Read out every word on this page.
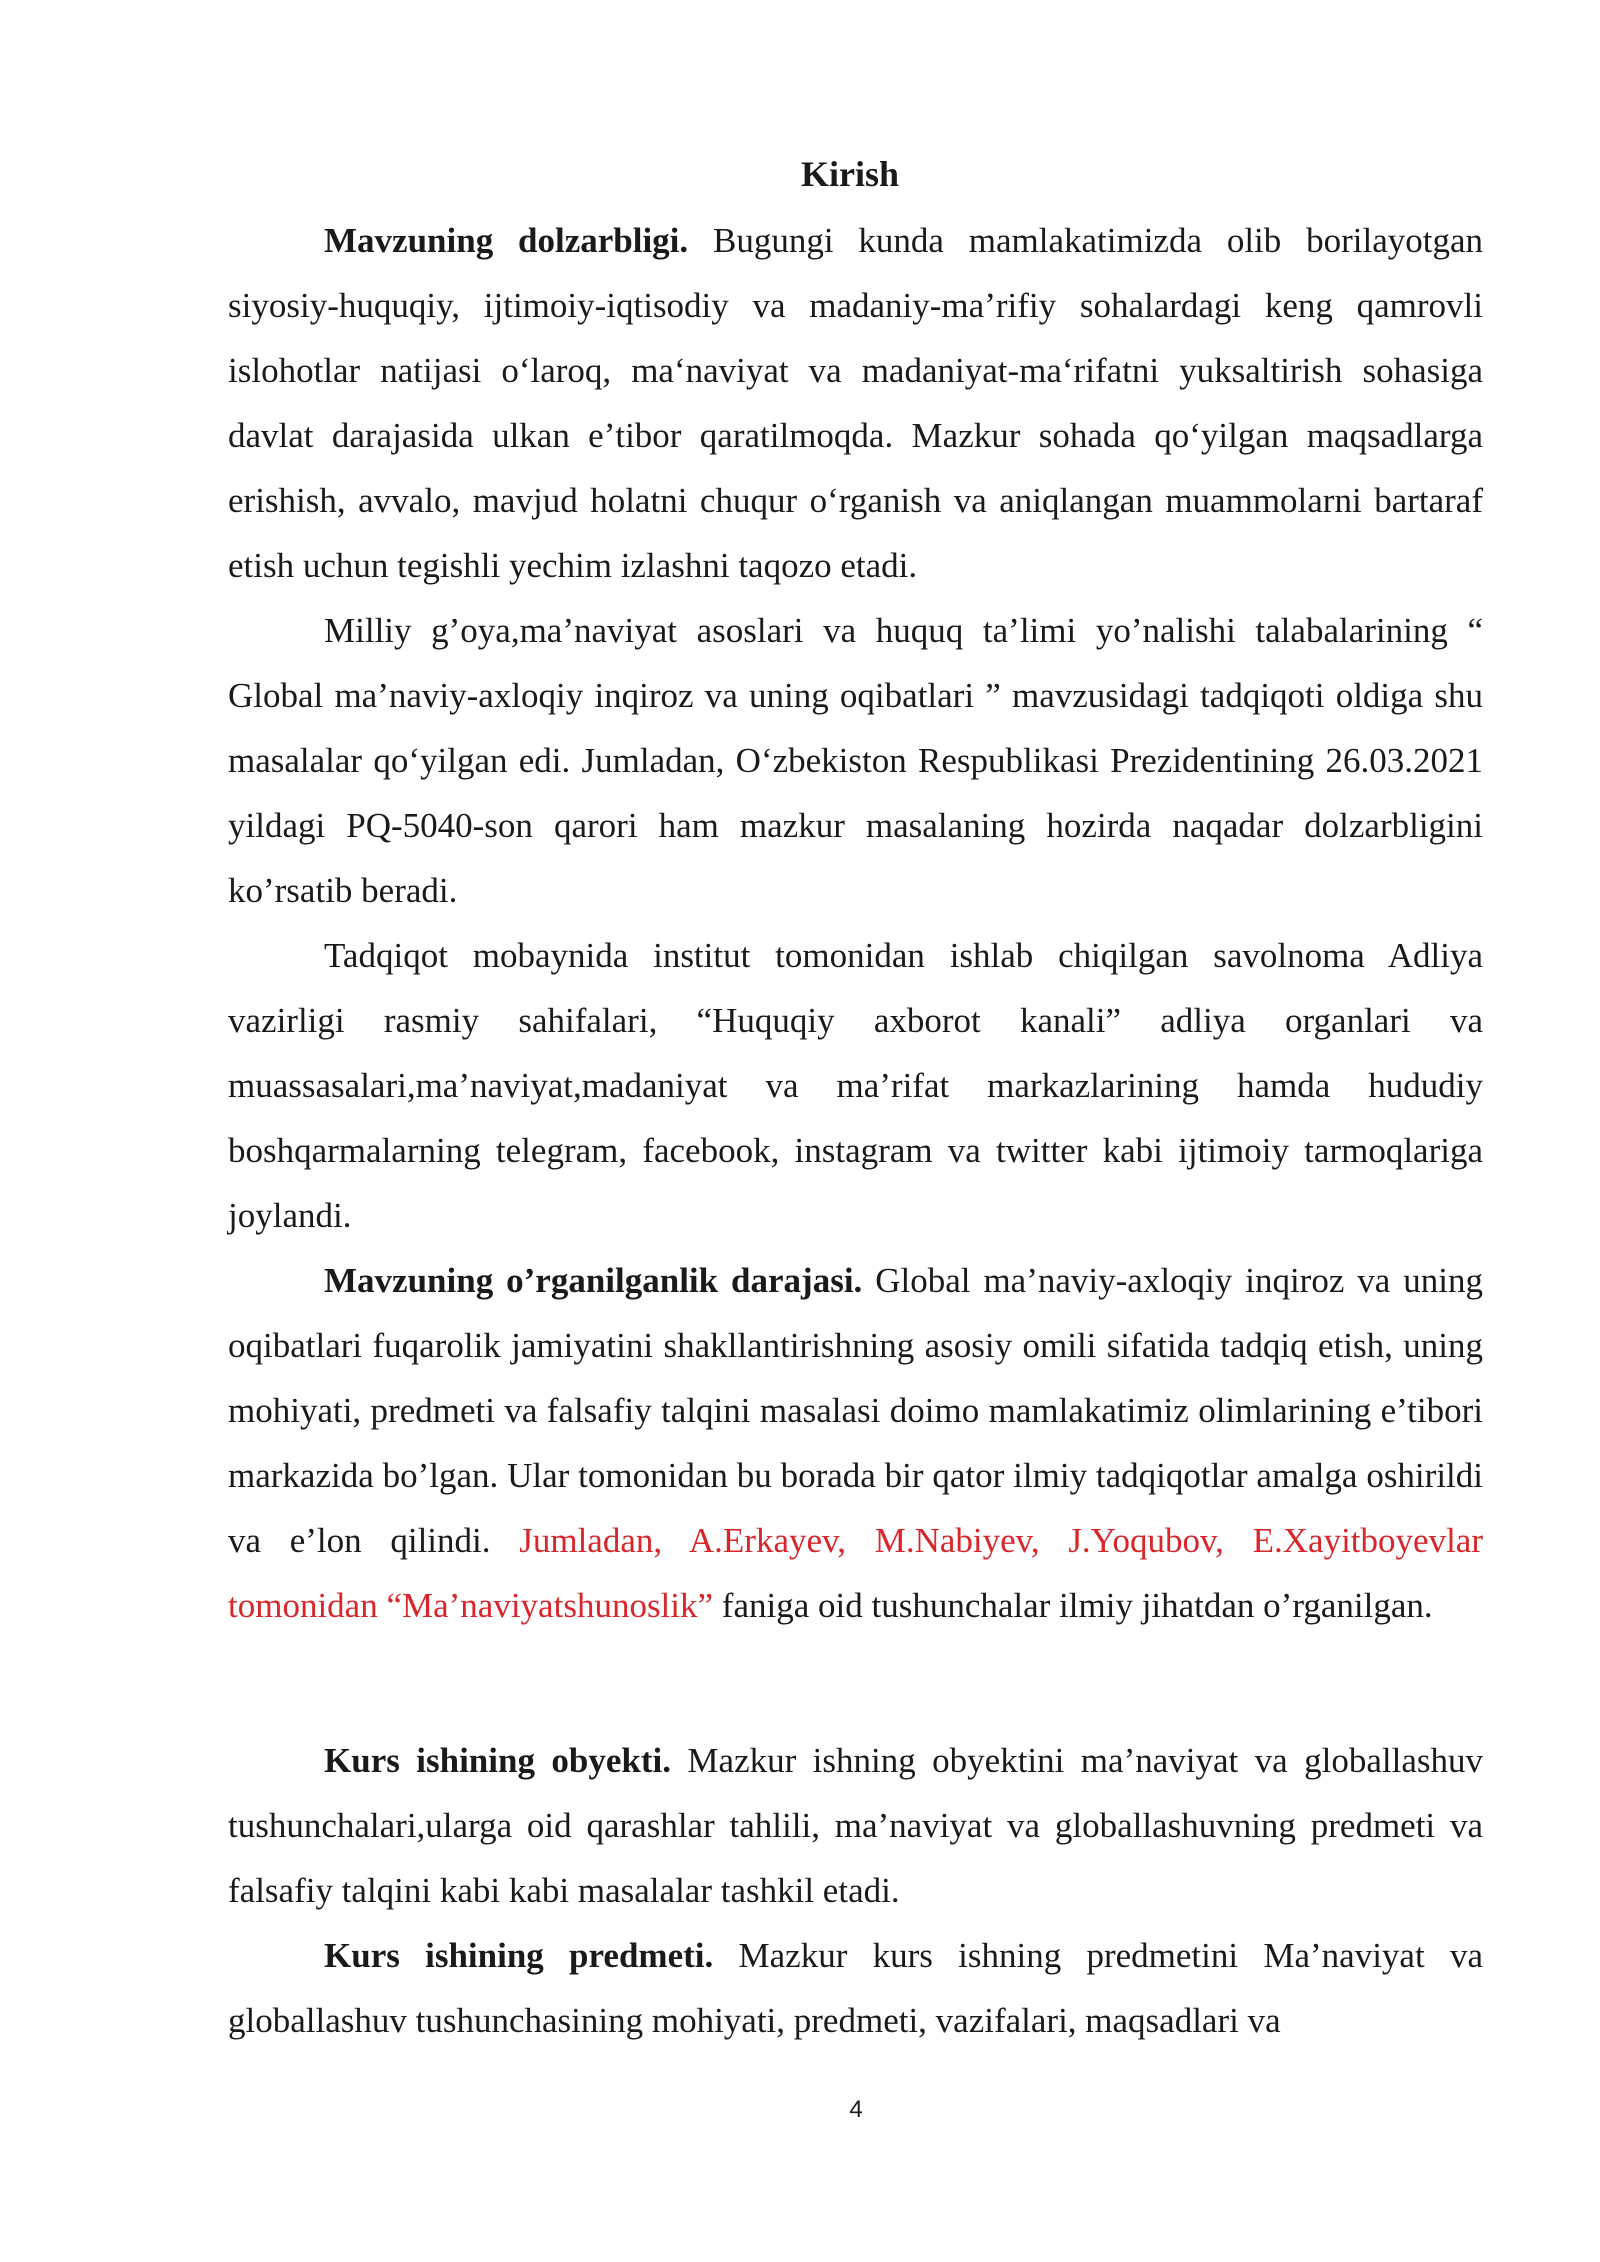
Kirish

Mavzuning dolzarbligi. Bugungi kunda mamlakatimizda olib borilayotgan siyosiy-huquqiy, ijtimoiy-iqtisodiy va madaniy-maʼrifiy sohalardagi keng qamrovli islohotlar natijasi oʻlaroq, maʻnaviyat va madaniyat-maʻrifatni yuksaltirish sohasiga davlat darajasida ulkan eʼtibor qaratilmoqda. Mazkur sohada qoʻyilgan maqsadlarga erishish, avvalo, mavjud holatni chuqur oʻrganish va aniqlangan muammolarni bartaraf etish uchun tegishli yechim izlashni taqozo etadi.

Milliy g’oya,ma’naviyat asoslari va huquq ta’limi yo’nalishi talabalarining “ Global ma’naviy-axloqiy inqiroz va uning oqibatlari ” mavzusidagi tadqiqoti oldiga shu masalalar qoʻyilgan edi. Jumladan, Oʻzbekiston Respublikasi Prezidentining 26.03.2021 yildagi PQ-5040-son qarori ham mazkur masalaning hozirda naqadar dolzarbligini ko’rsatib beradi.

Tadqiqot mobaynida institut tomonidan ishlab chiqilgan savolnoma Adliya vazirligi rasmiy sahifalari, “Huquqiy axborot kanali” adliya organlari va muassasalari,ma’naviyat,madaniyat va ma’rifat markazlarining hamda hududiy boshqarmalarning telegram, facebook, instagram va twitter kabi ijtimoiy tarmoqlariga joylandi.

Mavzuning o’rganilganlik darajasi. Global ma’naviy-axloqiy inqiroz va uning oqibatlari fuqarolik jamiyatini shakllantirishning asosiy omili sifatida tadqiq etish, uning mohiyati, predmeti va falsafiy talqini masalasi doimo mamlakatimiz olimlarining e’tibori markazida bo’lgan. Ular tomonidan bu borada bir qator ilmiy tadqiqotlar amalga oshirildi va e’lon qilindi. Jumladan, A.Erkayev, M.Nabiyev, J.Yoqubov, E.Xayitboyevlar tomonidan “Ma’naviyatshunoslik” faniga oid tushunchalar ilmiy jihatdan o’rganilgan.

Kurs ishining obyekti. Mazkur ishning obyektini ma’naviyat va globallashuv tushunchalari,ularga oid qarashlar tahlili, ma’naviyat va globallashuvning predmeti va falsafiy talqini kabi kabi masalalar tashkil etadi.

Kurs ishining predmeti. Mazkur kurs ishning predmetini Ma’naviyat va globallashuv tushunchasining mohiyati, predmeti, vazifalari, maqsadlari va

4
